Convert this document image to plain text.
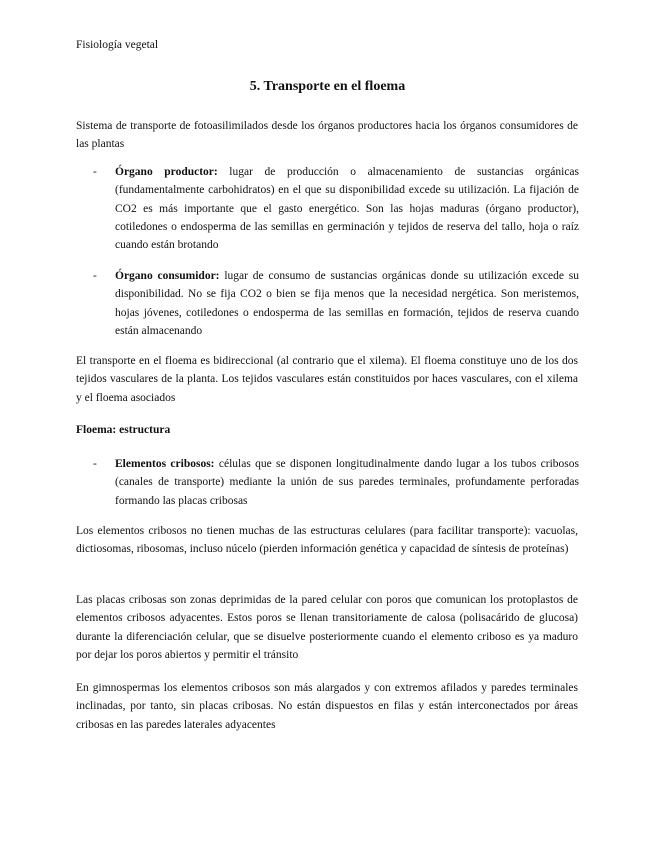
Fisiología vegetal
5. Transporte en el floema
Sistema de transporte de fotoasilimilados desde los órganos productores hacia los órganos consumidores de las plantas
- Órgano productor: lugar de producción o almacenamiento de sustancias orgánicas (fundamentalmente carbohidratos) en el que su disponibilidad excede su utilización. La fijación de CO2 es más importante que el gasto energético. Son las hojas maduras (órgano productor), cotiledones o endosperma de las semillas en germinación y tejidos de reserva del tallo, hoja o raíz cuando están brotando
- Órgano consumidor: lugar de consumo de sustancias orgánicas donde su utilización excede su disponibilidad. No se fija CO2 o bien se fija menos que la necesidad nergética. Son meristemos, hojas jóvenes, cotiledones o endosperma de las semillas en formación, tejidos de reserva cuando están almacenando
El transporte en el floema es bidireccional (al contrario que el xilema). El floema constituye uno de los dos tejidos vasculares de la planta. Los tejidos vasculares están constituidos por haces vasculares, con el xilema y el floema asociados
Floema: estructura
- Elementos cribosos: células que se disponen longitudinalmente dando lugar a los tubos cribosos (canales de transporte) mediante la unión de sus paredes terminales, profundamente perforadas formando las placas cribosas
Los elementos cribosos no tienen muchas de las estructuras celulares (para facilitar transporte): vacuolas, dictiosomas, ribosomas, incluso núcelo (pierden información genética y capacidad de síntesis de proteínas)
Las placas cribosas son zonas deprimidas de la pared celular con poros que comunican los protoplastos de elementos cribosos adyacentes. Estos poros se llenan transitoriamente de calosa (polisacárido de glucosa) durante la diferenciación celular, que se disuelve posteriormente cuando el elemento criboso es ya maduro por dejar los poros abiertos y permitir el tránsito
En gimnospermas los elementos cribosos son más alargados y con extremos afilados y paredes terminales inclinadas, por tanto, sin placas cribosas. No están dispuestos en filas y están interconectados por áreas cribosas en las paredes laterales adyacentes
